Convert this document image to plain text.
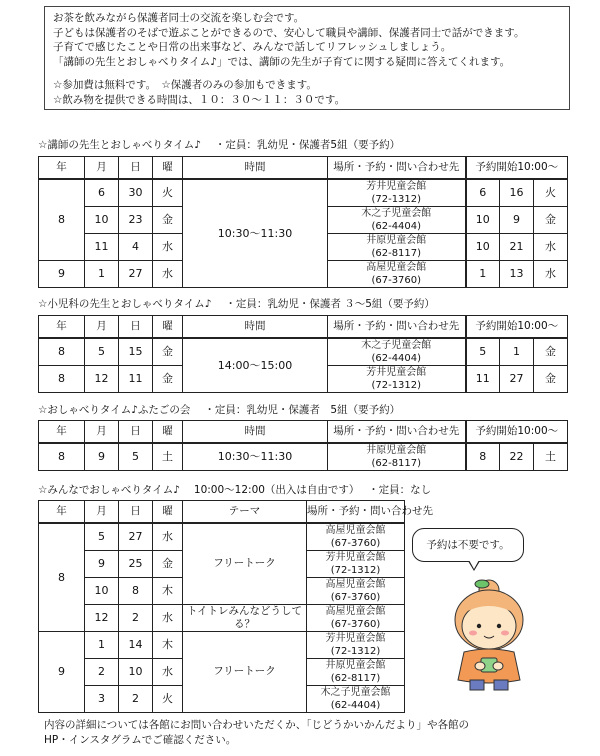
お茶を飲みながら保護者同士の交流を楽しむ会です。

子どもは保護者のそばで遊ぶことができるので、安心して職員や講師、保護者同士で話ができます。

子育てで感じたことや日常の出来事など、みんなで話してリフレッシュしましょう。

「講師の先生とおしゃべりタイム♪」では、講師の先生が子育てに関する疑問に答えてくれます。

☆参加費は無料です。　☆保護者のみの参加もできます。

☆飲み物を提供できる時間は、１０：３０～１１：３０です。

☆講師の先生とおしゃべりタイム♪ ・定員：乳幼児・保護者5組（要予約）
年	月	日	曜	時間	場所・予約・問い合わせ先	予約開始10:00～		
8	6	30	火	10:30～11:30	芳井児童会館
(72-1312)	6	16	火
	10	23	金		木之子児童会館
(62-4404)	10	9	金
	11	4	水		井原児童会館
(62-8117)	10	21	水
9	1	27	水		高屋児童会館
(67-3760)	1	13	水
☆小児科の先生とおしゃべりタイム♪ ・定員：乳幼児・保護者 ３～5組（要予約）
年	月	日	曜	時間	場所・予約・問い合わせ先	予約開始10:00～		
8	5	15	金	14:00～15:00	木之子児童会館
(62-4404)	5	1	金
8	12	11	金		芳井児童会館
(72-1312)	11	27	金
☆おしゃべりタイム♪ふたごの会 ・定員：乳幼児・保護者　5組（要予約）
年	月	日	曜	時間	場所・予約・問い合わせ先	予約開始10:00～		
8	9	5	土	10:30～11:30	井原児童会館
(62-8117)	8	22	土
☆みんなでおしゃべりタイム♪ 10:00～12:00（出入は自由です） ・定員：なし
年	月	日	曜	テーマ	場所・予約・問い合わせ先
8	5	27	水	フリートーク	高屋児童会館
(67-3760)

	9	25	金		芳井児童会館
(72-1312)

	10	8	木		高屋児童会館
(67-3760)

	12	2	水	トイトレみんなどうしてる？	高屋児童会館
(67-3760)

9	1	14	木	フリートーク	芳井児童会館
(72-1312)

	2	10	水		井原児童会館
(62-8117)

	3	2	火		木之子児童会館
(62-4404)
予約は不要です。

内容の詳細については各館にお問い合わせいただくか、「じどうかいかんだより」や各館の

HP・インスタグラムでご確認ください。
